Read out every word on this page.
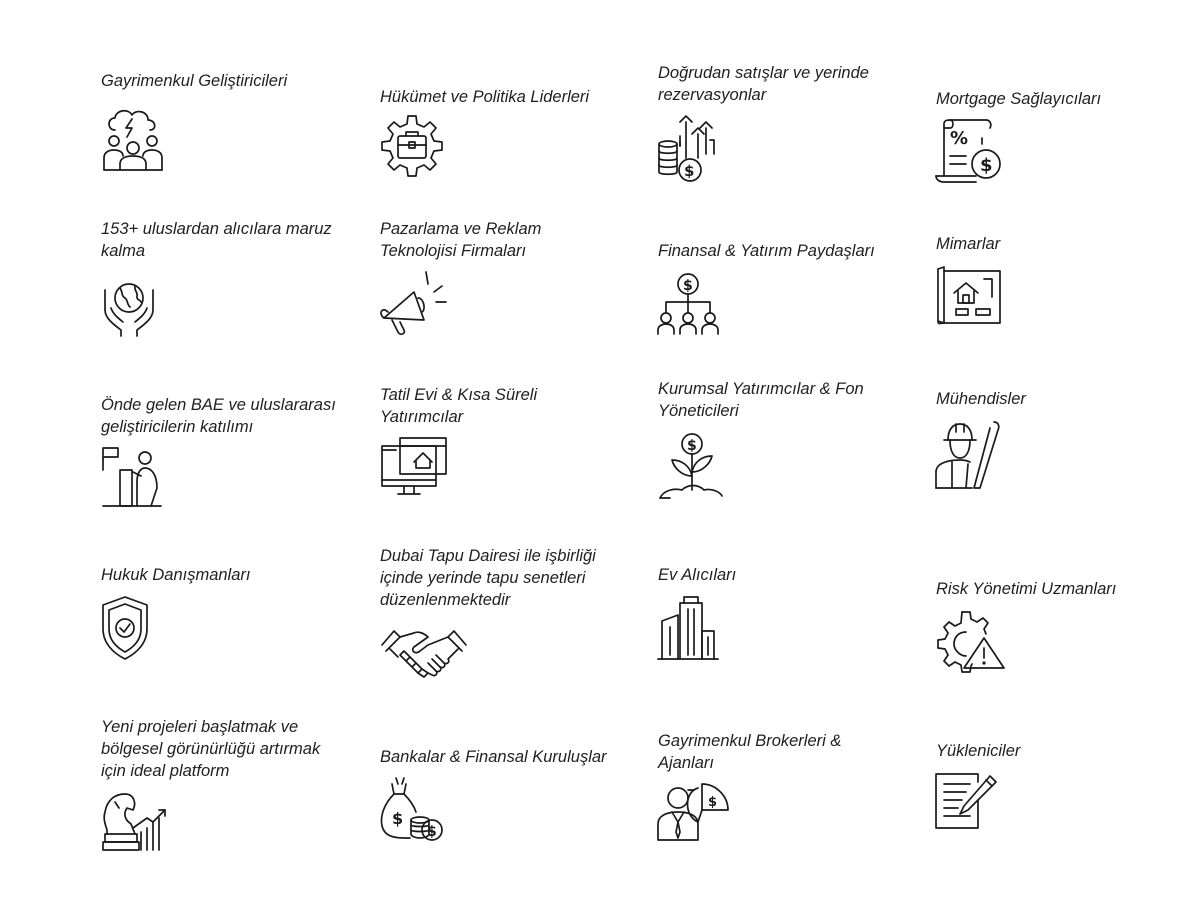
Gayrimenkul Geliştiricileri
153+ uluslardan alıcılara maruz kalma
Önde gelen BAE ve uluslararası geliştiricilerin katılımı
Hukuk Danışmanları
Yeni projeleri başlatmak ve bölgesel görünürlüğü artırmak için ideal platform
Hükümet ve Politika Liderleri
Pazarlama ve Reklam Teknolojisi Firmaları
Tatil Evi & Kısa Süreli Yatırımcılar
Dubai Tapu Dairesi ile işbirliği içinde yerinde tapu senetleri düzenlenmektedir
Bankalar & Finansal Kuruluşlar
$
$
Doğrudan satışlar ve yerinde rezervasyonlar
$
Finansal & Yatırım Paydaşları
$
Kurumsal Yatırımcılar & Fon Yöneticileri
$
Ev Alıcıları
Gayrimenkul Brokerleri & Ajanları
$
Mortgage Sağlayıcıları
%
$
Mimarlar
Mühendisler
Risk Yönetimi Uzmanları
Yükleniciler
